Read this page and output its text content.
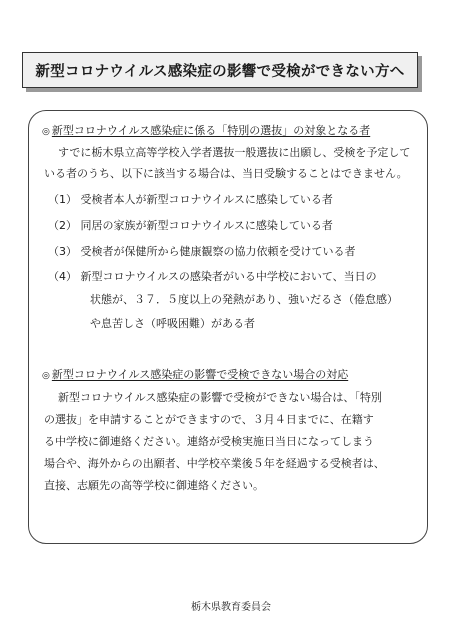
新型コロナウイルス感染症の影響で受検ができない方へ
◎ 新型コロナウイルス感染症に係る「特別の選抜」の対象となる者
すでに栃木県立高等学校入学者選抜一般選抜に出願し、受検を予定して
いる者のうち、以下に該当する場合は、当日受験することはできません。
（1） 受検者本人が新型コロナウイルスに感染している者
（2） 同居の家族が新型コロナウイルスに感染している者
（3） 受検者が保健所から健康観察の協力依頼を受けている者
（4） 新型コロナウイルスの感染者がいる中学校において、当日の
状態が、３７．５度以上の発熱があり、強いだるさ（倦怠感）
や息苦しさ（呼吸困難）がある者
◎ 新型コロナウイルス感染症の影響で受検できない場合の対応
新型コロナウイルス感染症の影響で受検ができない場合は、「特別
の選抜」を申請することができますので、３月４日までに、在籍す
る中学校に御連絡ください。連絡が受検実施日当日になってしまう
場合や、海外からの出願者、中学校卒業後５年を経過する受検者は、
直接、志願先の高等学校に御連絡ください。
栃木県教育委員会
